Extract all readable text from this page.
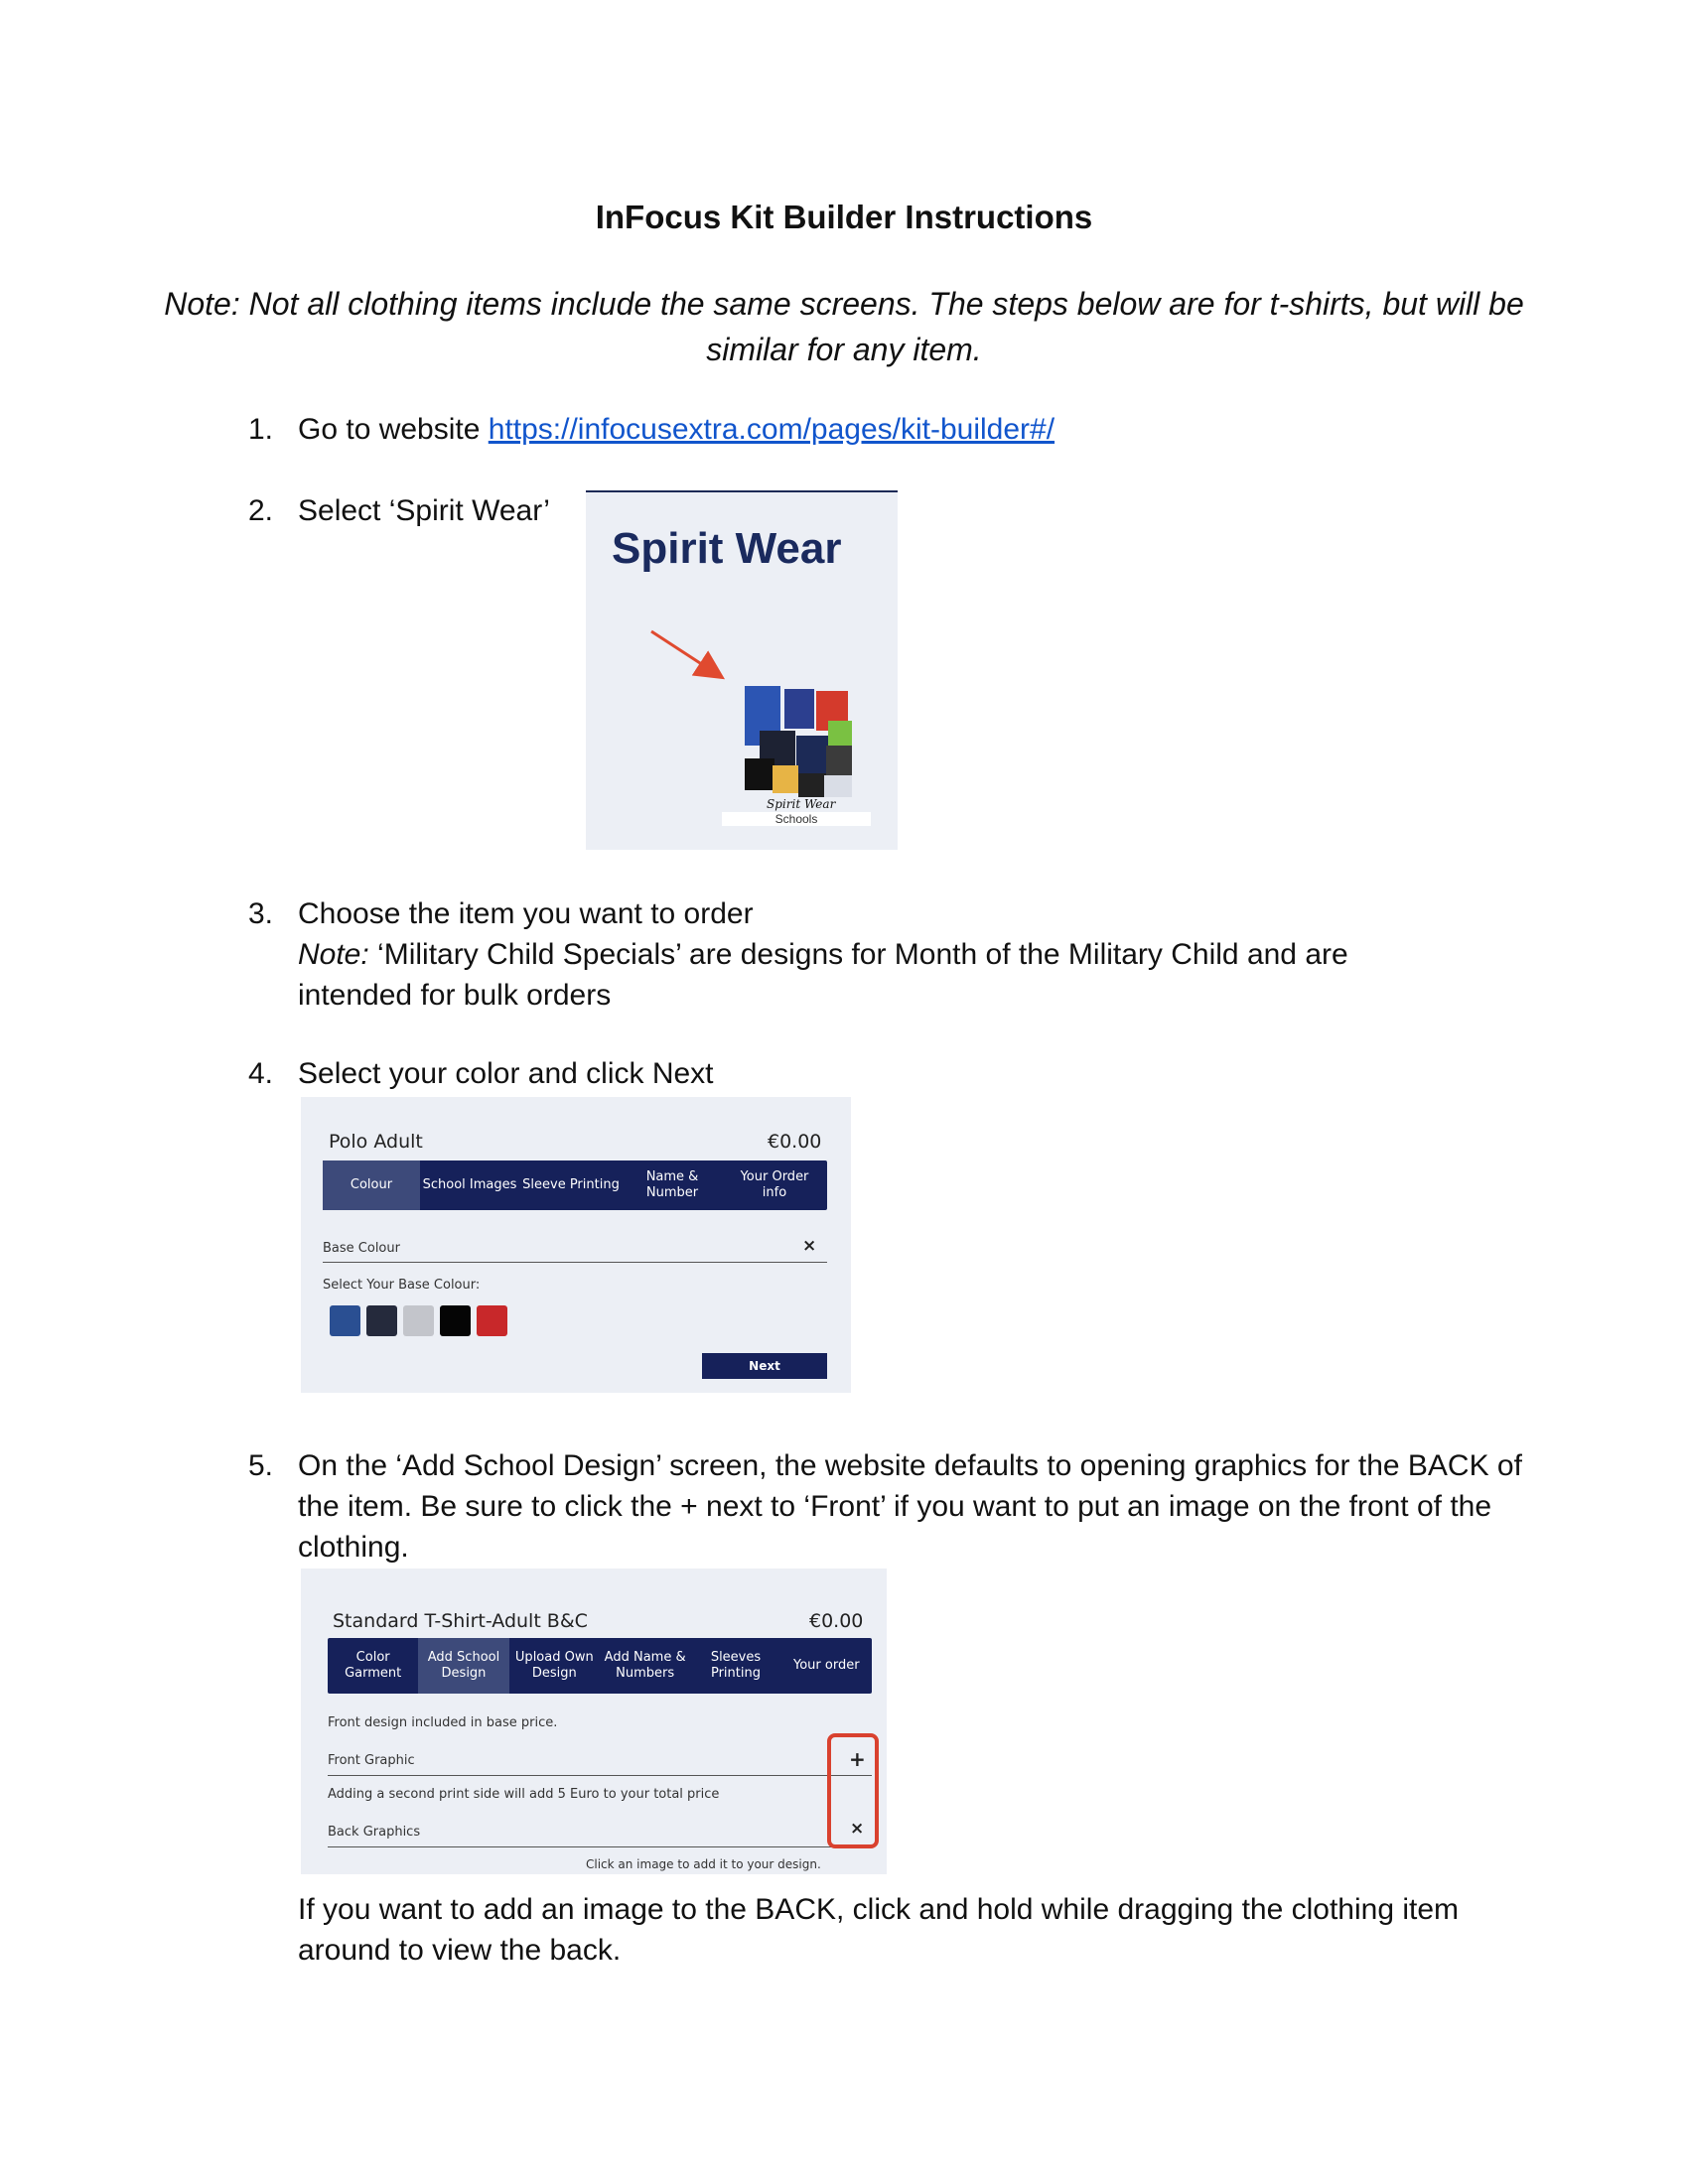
InFocus Kit Builder Instructions
Note: Not all clothing items include the same screens. The steps below are for t-shirts, but will be similar for any item.
1. Go to website https://infocusextra.com/pages/kit-builder#/
2. Select ‘Spirit Wear’
Spirit Wear
Spirit Wear
Schools
3. Choose the item you want to order
Note: ‘Military Child Specials’ are designs for Month of the Military Child and are intended for bulk orders
4. Select your color and click Next
Polo Adult	€0.00
Colour	School Images Sleeve Printing
Name &
Number
Your Order
info
Base Colour	×
Select Your Base Colour:
Next
5. On the ‘Add School Design’ screen, the website defaults to opening graphics for the BACK of the item. Be sure to click the + next to ‘Front’ if you want to put an image on the front of the clothing.
Standard T-Shirt-Adult B&C	€0.00
Color
Garment
Add School
Design
Upload Own
Design
Add Name &
Numbers
Sleeves
Printing
Your order
Front design included in base price.
Front Graphic	+
Adding a second print side will add 5 Euro to your total price
Back Graphics	×
Click an image to add it to your design.
If you want to add an image to the BACK, click and hold while dragging the clothing item around to view the back.
